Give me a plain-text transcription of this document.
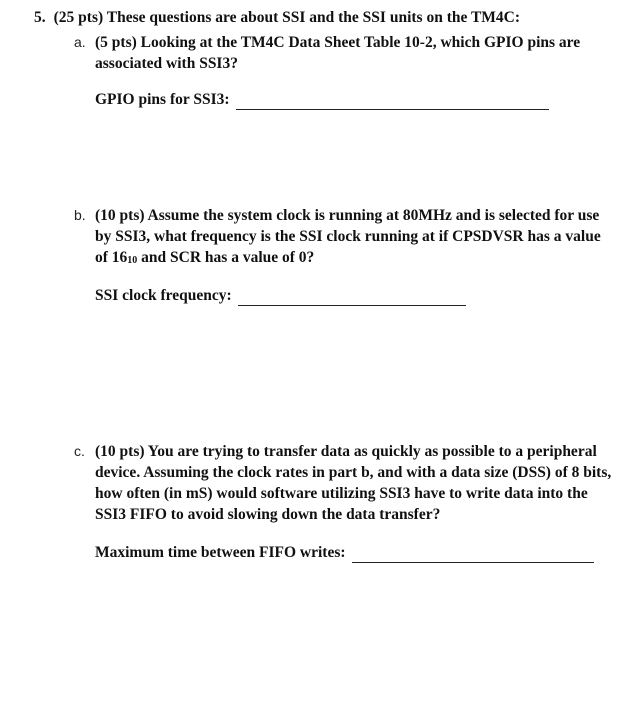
5. (25 pts) These questions are about SSI and the SSI units on the TM4C:
a. (5 pts) Looking at the TM4C Data Sheet Table 10-2, which GPIO pins are
associated with SSI3?
GPIO pins for SSI3:
b. (10 pts) Assume the system clock is running at 80MHz and is selected for use
by SSI3, what frequency is the SSI clock running at if CPSDVSR has a value
of $16_{10}$ and SCR has a value of 0?
SSI clock frequency:
c. (10 pts) You are trying to transfer data as quickly as possible to a peripheral
device. Assuming the clock rates in part b, and with a data size (DSS) of 8 bits,
how often (in mS) would software utilizing SSI3 have to write data into the
SSI3 FIFO to avoid slowing down the data transfer?
Maximum time between FIFO writes:
